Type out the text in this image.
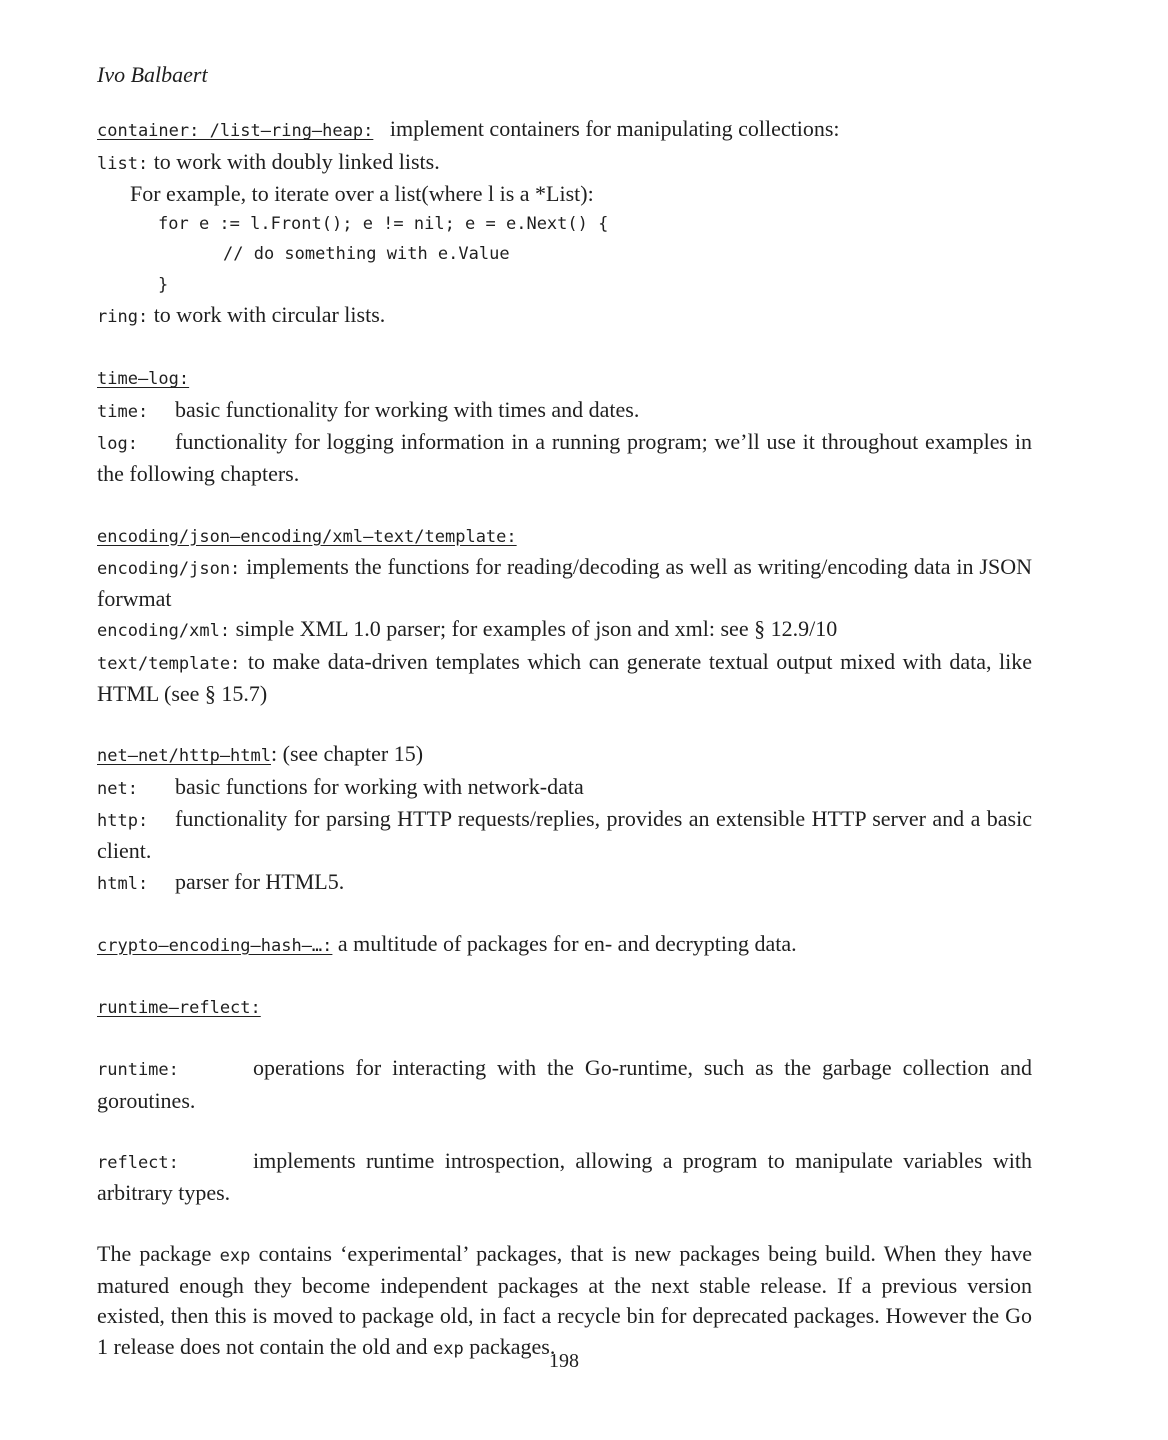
Ivo Balbaert
container: /list–ring–heap: implement containers for manipulating collections:
list: to work with doubly linked lists.
For example, to iterate over a list(where l is a *List):
for e := l.Front(); e != nil; e = e.Next() {
// do something with e.Value
}
ring: to work with circular lists.
time–log:
time: basic functionality for working with times and dates.
log: functionality for logging information in a running program; we’ll use it throughout examples in the following chapters.
encoding/json–encoding/xml–text/template:
encoding/json: implements the functions for reading/decoding as well as writing/encoding data in JSON forwmat
encoding/xml: simple XML 1.0 parser; for examples of json and xml: see § 12.9/10
text/template: to make data-driven templates which can generate textual output mixed with data, like HTML (see § 15.7)
net–net/http–html: (see chapter 15)
net: basic functions for working with network-data
http: functionality for parsing HTTP requests/replies, provides an extensible HTTP server and a basic client.
html: parser for HTML5.
crypto–encoding–hash–…: a multitude of packages for en- and decrypting data.
runtime–reflect:
runtime:	operations for interacting with the Go-runtime, such as the garbage collection and goroutines.
reflect:	implements runtime introspection, allowing a program to manipulate variables with arbitrary types.
The package exp contains ‘experimental’ packages, that is new packages being build. When they have matured enough they become independent packages at the next stable release. If a previous version existed, then this is moved to package old, in fact a recycle bin for deprecated packages. However the Go 1 release does not contain the old and exp packages.
198
